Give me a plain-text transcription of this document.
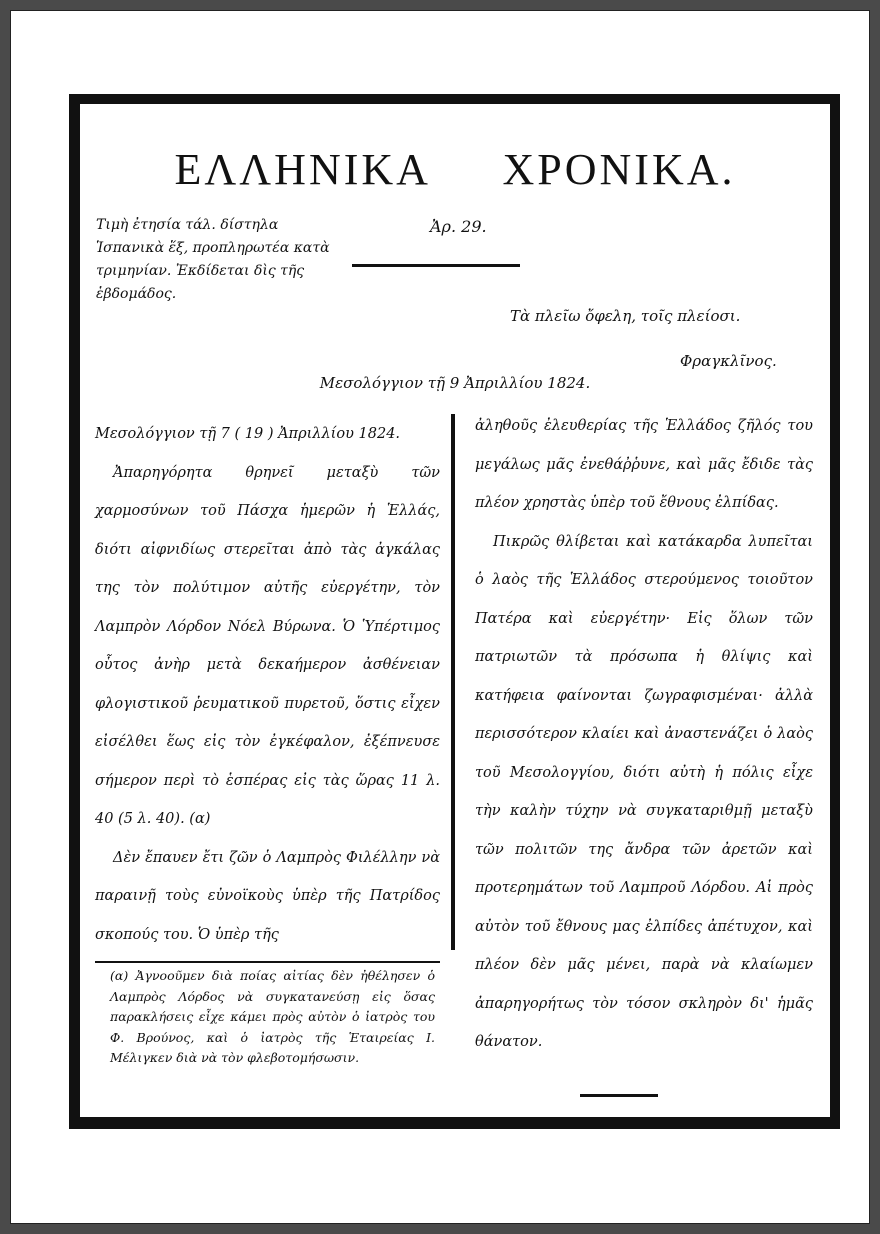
ΕΛΛΗΝΙΚΑ ΧΡΟΝΙΚΑ.
Τιμὴ ἐτησία τάλ. δίστηλα Ἱσπανικὰ ἕξ, προπληρωτέα κατὰ τριμηνίαν. Ἐκδίδεται δὶς τῆς ἑβδομάδος.
Ἀρ. 29.
Τὰ πλεῖω ὄφελη, τοῖς πλείοσι.
Φραγκλῖνος.
Μεσολόγγιον τῇ 9 Ἀπριλλίου 1824.

Μεσολόγγιον τῇ 7 ( 19 ) Ἀπριλλίου 1824.

Ἀπαρηγόρητα θρηνεῖ μεταξὺ τῶν χαρμοσύνων τοῦ Πάσχα ἡμερῶν ἡ Ἑλλάς, διότι αἰφνιδίως στερεῖται ἀπὸ τὰς ἀγκάλας της τὸν πολύτιμον αὐτῆς εὐεργέτην, τὸν Λαμπρὸν Λόρδον Νόελ Βύρωνα. Ὁ Ὑπέρτιμος οὗτος ἀνὴρ μετὰ δεκαήμερον ἀσθένειαν φλογιστικοῦ ῥευματικοῦ πυρετοῦ, ὅστις εἶχεν εἰσέλθει ἕως εἰς τὸν ἐγκέφαλον, ἐξέπνευσε σήμερον περὶ τὸ ἑσπέρας εἰς τὰς ὥρας 11 λ. 40 (5 λ. 40). (α)

Δὲν ἔπαυεν ἔτι ζῶν ὁ Λαμπρὸς Φιλέλλην νὰ παραινῇ τοὺς εὐνοϊκοὺς ὑπὲρ τῆς Πατρίδος σκοπούς του. Ὁ ὑπὲρ τῆς

(α) Ἀγνοοῦμεν διὰ ποίας αἰτίας δὲν ἠθέλησεν ὁ Λαμπρὸς Λόρδος νὰ συγκατανεύσῃ εἰς ὅσας παρακλήσεις εἶχε κάμει πρὸς αὐτὸν ὁ ἰατρὸς του Φ. Βρούνος, καὶ ὁ ἰατρὸς τῆς Ἑταιρείας Ι. Μέλιγκεν διὰ νὰ τὸν φλεβοτομήσωσιν.

ἀληθοῦς ἐλευθερίας τῆς Ἑλλάδος ζῆλός του μεγάλως μᾶς ἐνεθάῤῥυνε, καὶ μᾶς ἔδιδε τὰς πλέον χρηστὰς ὑπὲρ τοῦ ἔθνους ἐλπίδας.

Πικρῶς θλίβεται καὶ κατάκαρδα λυπεῖται ὁ λαὸς τῆς Ἑλλάδος στερούμενος τοιοῦτον Πατέρα καὶ εὐεργέτην· Εἰς ὅλων τῶν πατριωτῶν τὰ πρόσωπα ἡ θλίψις καὶ κατήφεια φαίνονται ζωγραφισμέναι· ἀλλὰ περισσότερον κλαίει καὶ ἀναστενάζει ὁ λαὸς τοῦ Μεσολογγίου, διότι αὐτὴ ἡ πόλις εἶχε τὴν καλὴν τύχην νὰ συγκαταριθμῇ μεταξὺ τῶν πολιτῶν της ἄνδρα τῶν ἀρετῶν καὶ προτερημάτων τοῦ Λαμπροῦ Λόρδου. Αἱ πρὸς αὐτὸν τοῦ ἔθνους μας ἐλπίδες ἀπέτυχον, καὶ πλέον δὲν μᾶς μένει, παρὰ νὰ κλαίωμεν ἀπαρηγορήτως τὸν τόσον σκληρὸν δι' ἡμᾶς θάνατον.
